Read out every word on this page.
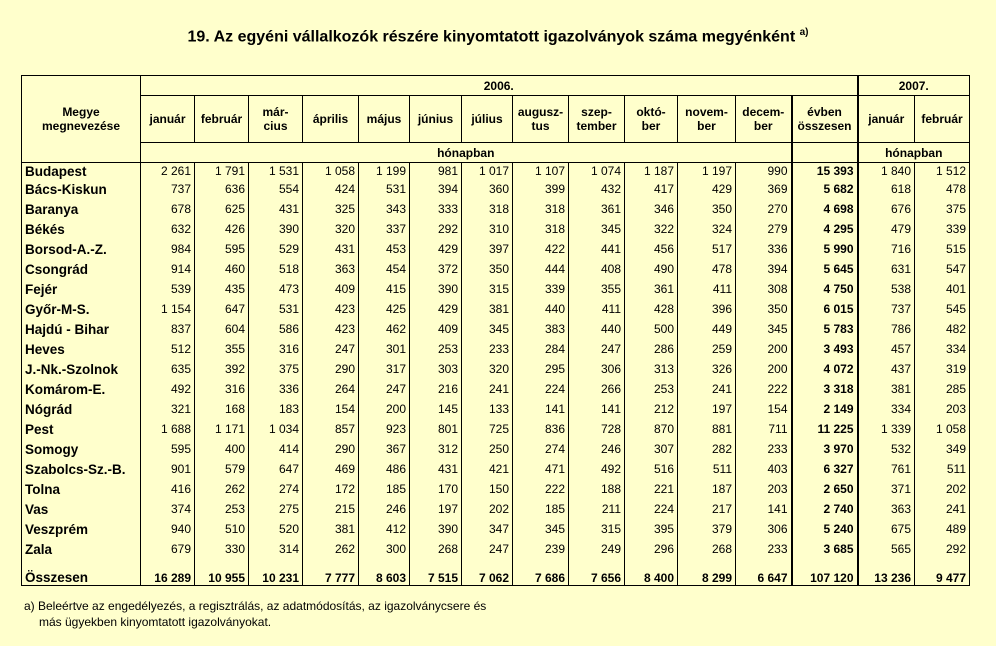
19. Az egyéni vállalkozók részére kinyomtatott igazolványok száma megyénként $^{a)}$
Megye megnevezése	2006.													2007.	
	január	február	már-cius	április	május	június	július	augusz-tus	szep-tember	októ-ber	novem-ber	decem-ber	évben összesen	január	február
	hónapban													hónapban	
Budapest	2 261	1 791	1 531	1 058	1 199	981	1 017	1 107	1 074	1 187	1 197	990	15 393	1 840	1 512
Bács-Kiskun	737	636	554	424	531	394	360	399	432	417	429	369	5 682	618	478
Baranya	678	625	431	325	343	333	318	318	361	346	350	270	4 698	676	375
Békés	632	426	390	320	337	292	310	318	345	322	324	279	4 295	479	339
Borsod-A.-Z.	984	595	529	431	453	429	397	422	441	456	517	336	5 990	716	515
Csongrád	914	460	518	363	454	372	350	444	408	490	478	394	5 645	631	547
Fejér	539	435	473	409	415	390	315	339	355	361	411	308	4 750	538	401
Győr-M-S.	1 154	647	531	423	425	429	381	440	411	428	396	350	6 015	737	545
Hajdú - Bihar	837	604	586	423	462	409	345	383	440	500	449	345	5 783	786	482
Heves	512	355	316	247	301	253	233	284	247	286	259	200	3 493	457	334
J.-Nk.-Szolnok	635	392	375	290	317	303	320	295	306	313	326	200	4 072	437	319
Komárom-E.	492	316	336	264	247	216	241	224	266	253	241	222	3 318	381	285
Nógrád	321	168	183	154	200	145	133	141	141	212	197	154	2 149	334	203
Pest	1 688	1 171	1 034	857	923	801	725	836	728	870	881	711	11 225	1 339	1 058
Somogy	595	400	414	290	367	312	250	274	246	307	282	233	3 970	532	349
Szabolcs-Sz.-B.	901	579	647	469	486	431	421	471	492	516	511	403	6 327	761	511
Tolna	416	262	274	172	185	170	150	222	188	221	187	203	2 650	371	202
Vas	374	253	275	215	246	197	202	185	211	224	217	141	2 740	363	241
Veszprém	940	510	520	381	412	390	347	345	315	395	379	306	5 240	675	489
Zala	679	330	314	262	300	268	247	239	249	296	268	233	3 685	565	292
Összesen	16 289	10 955	10 231	7 777	8 603	7 515	7 062	7 686	7 656	8 400	8 299	6 647	107 120	13 236	9 477
a) Beleértve az engedélyezés, a regisztrálás, az adatmódosítás, az igazolványcsere és
más ügyekben kinyomtatott igazolványokat.
